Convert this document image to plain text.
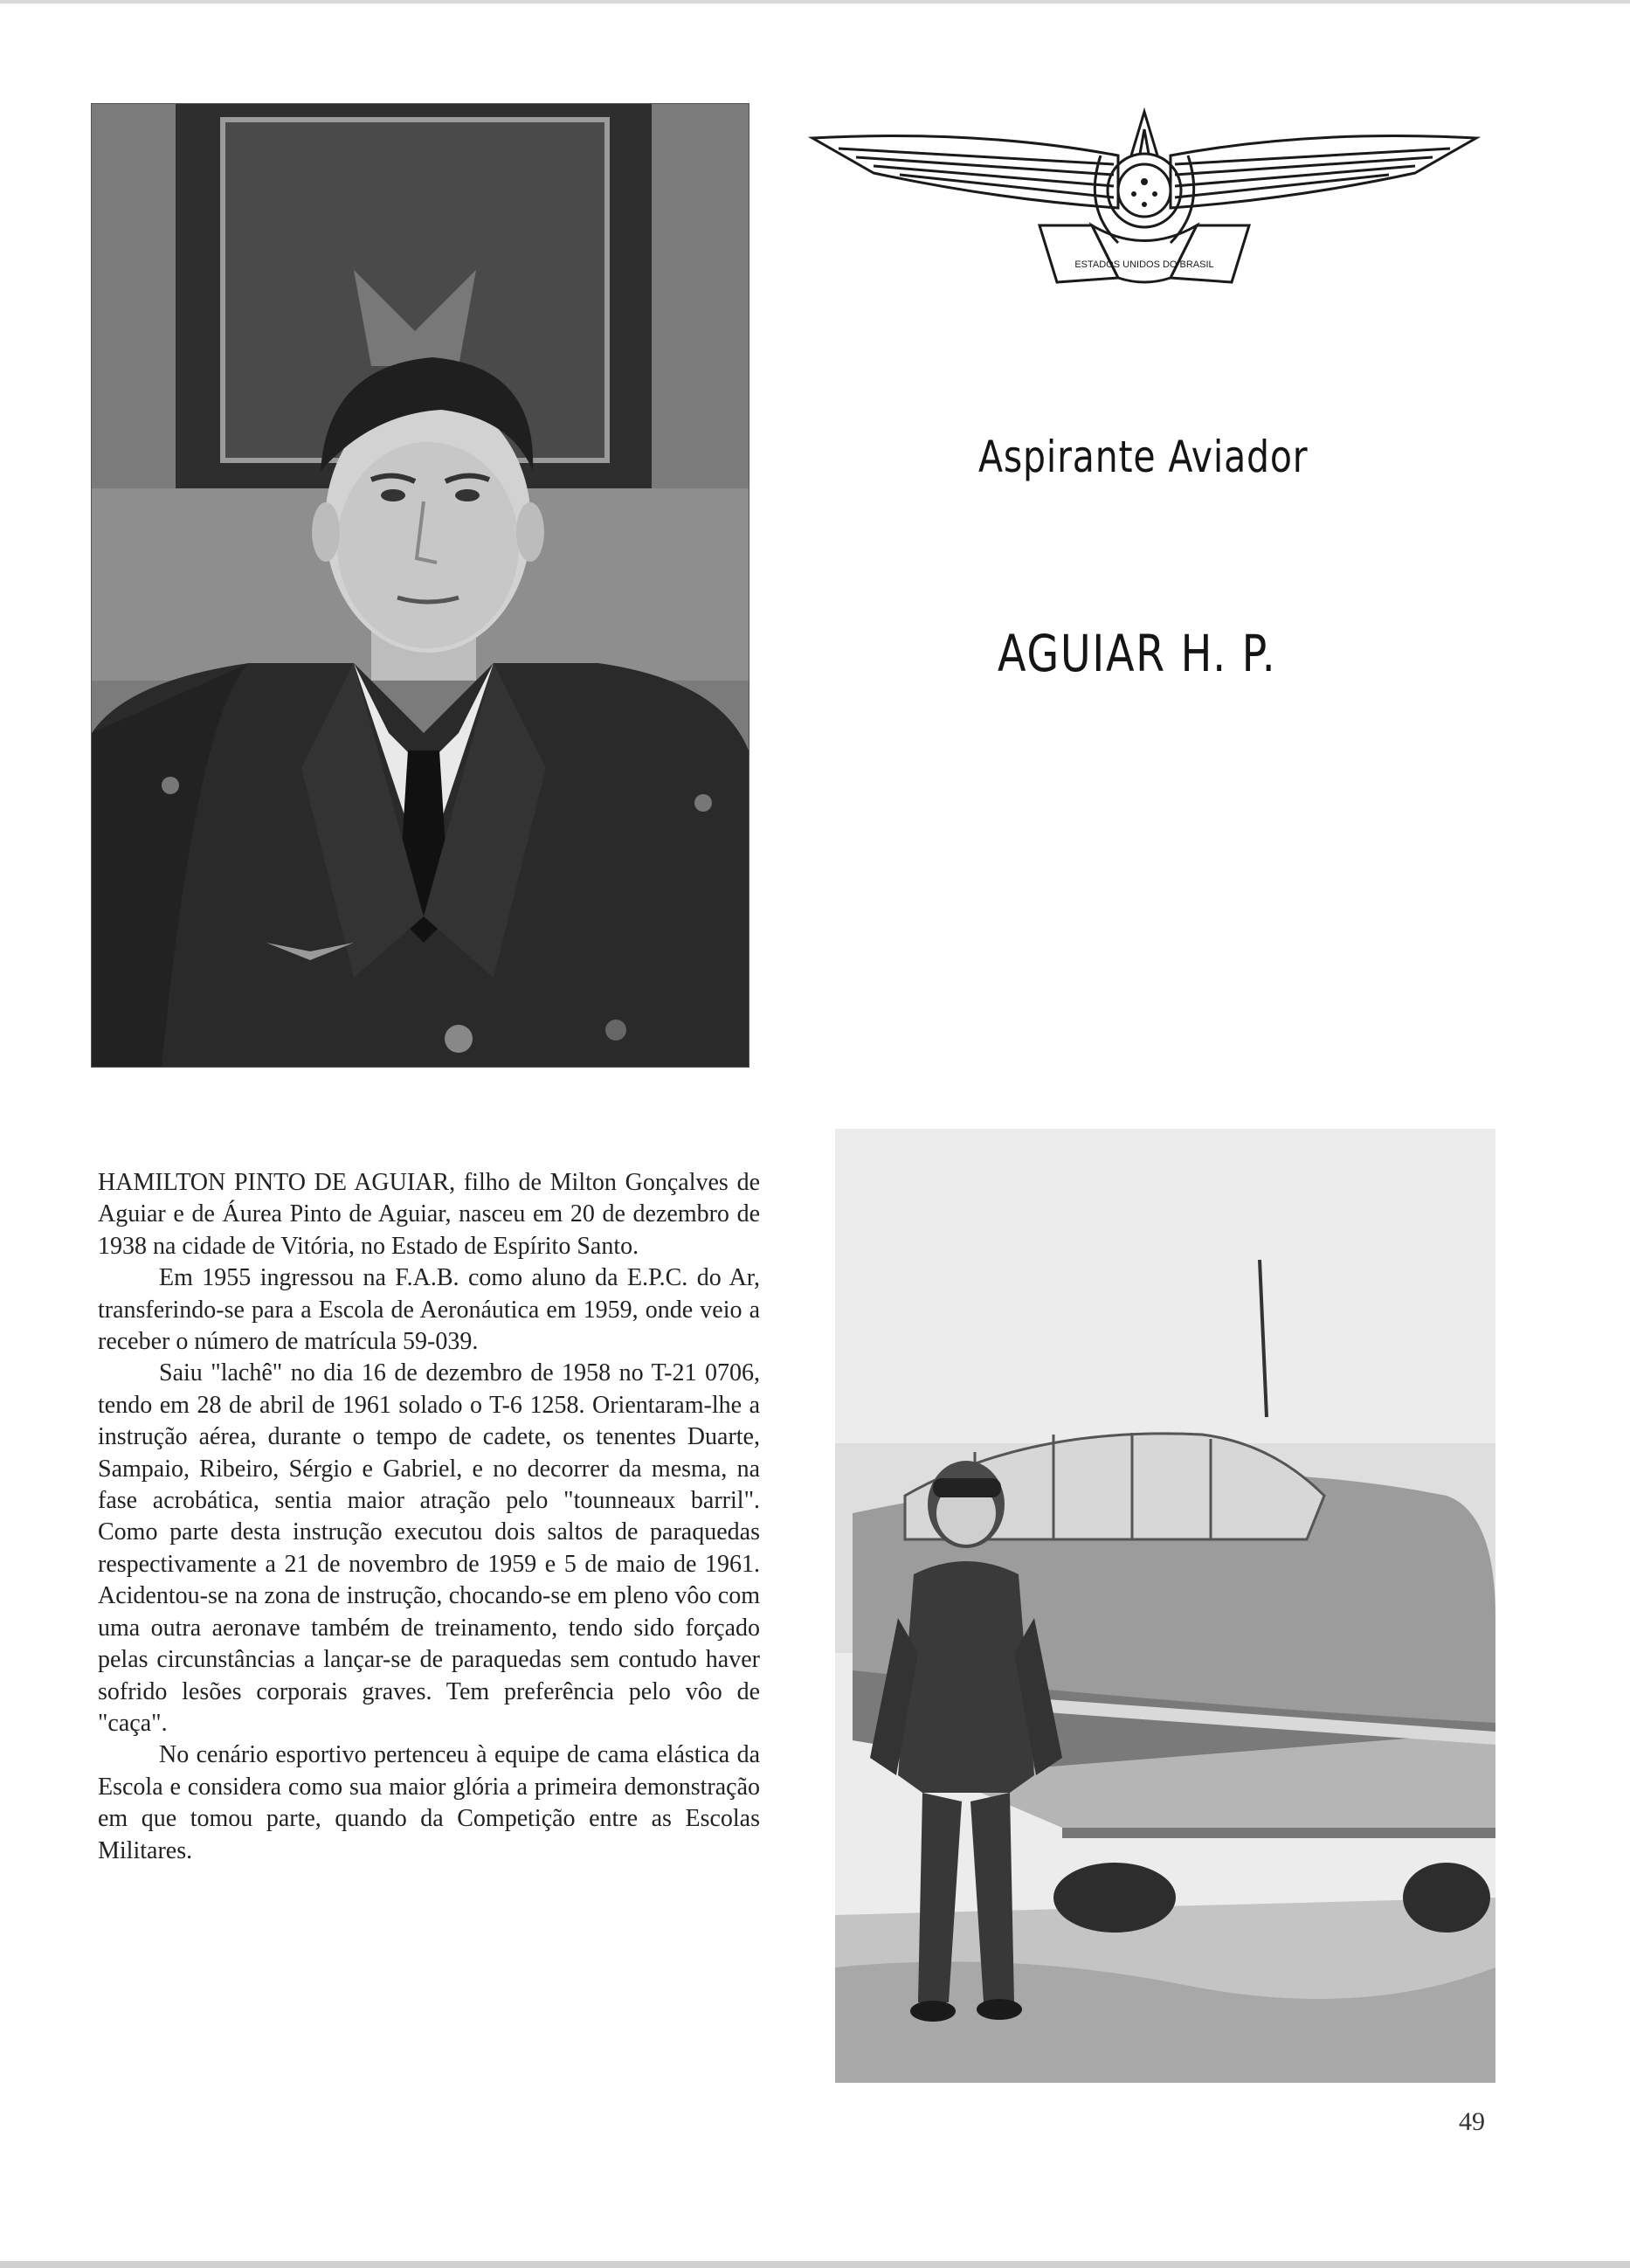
ESTADOS UNIDOS DO BRASIL
Aspirante Aviador
AGUIAR H. P.

HAMILTON PINTO DE AGUIAR, filho de Milton Gonçalves de Aguiar e de Áurea Pinto de Aguiar, nasceu em 20 de dezembro de 1938 na cidade de Vitória, no Estado de Espírito Santo.

Em 1955 ingressou na F.A.B. como aluno da E.P.C. do Ar, transferindo-se para a Escola de Aeronáutica em 1959, onde veio a receber o número de matrícula 59-039.

Saiu "lachê" no dia 16 de dezembro de 1958 no T-21 0706, tendo em 28 de abril de 1961 solado o T-6 1258. Orientaram-lhe a instrução aérea, durante o tempo de cadete, os tenentes Duarte, Sampaio, Ribeiro, Sérgio e Gabriel, e no decorrer da mesma, na fase acrobática, sentia maior atração pelo "tounneaux barril". Como parte desta instrução executou dois saltos de paraquedas respectivamente a 21 de novembro de 1959 e 5 de maio de 1961. Acidentou-se na zona de instrução, chocando-se em pleno vôo com uma outra aeronave também de treinamento, tendo sido forçado pelas circunstâncias a lançar-se de paraquedas sem contudo haver sofrido lesões corporais graves. Tem preferência pelo vôo de "caça".

No cenário esportivo pertenceu à equipe de cama elástica da Escola e considera como sua maior glória a primeira demonstração em que tomou parte, quando da Competição entre as Escolas Militares.

49
